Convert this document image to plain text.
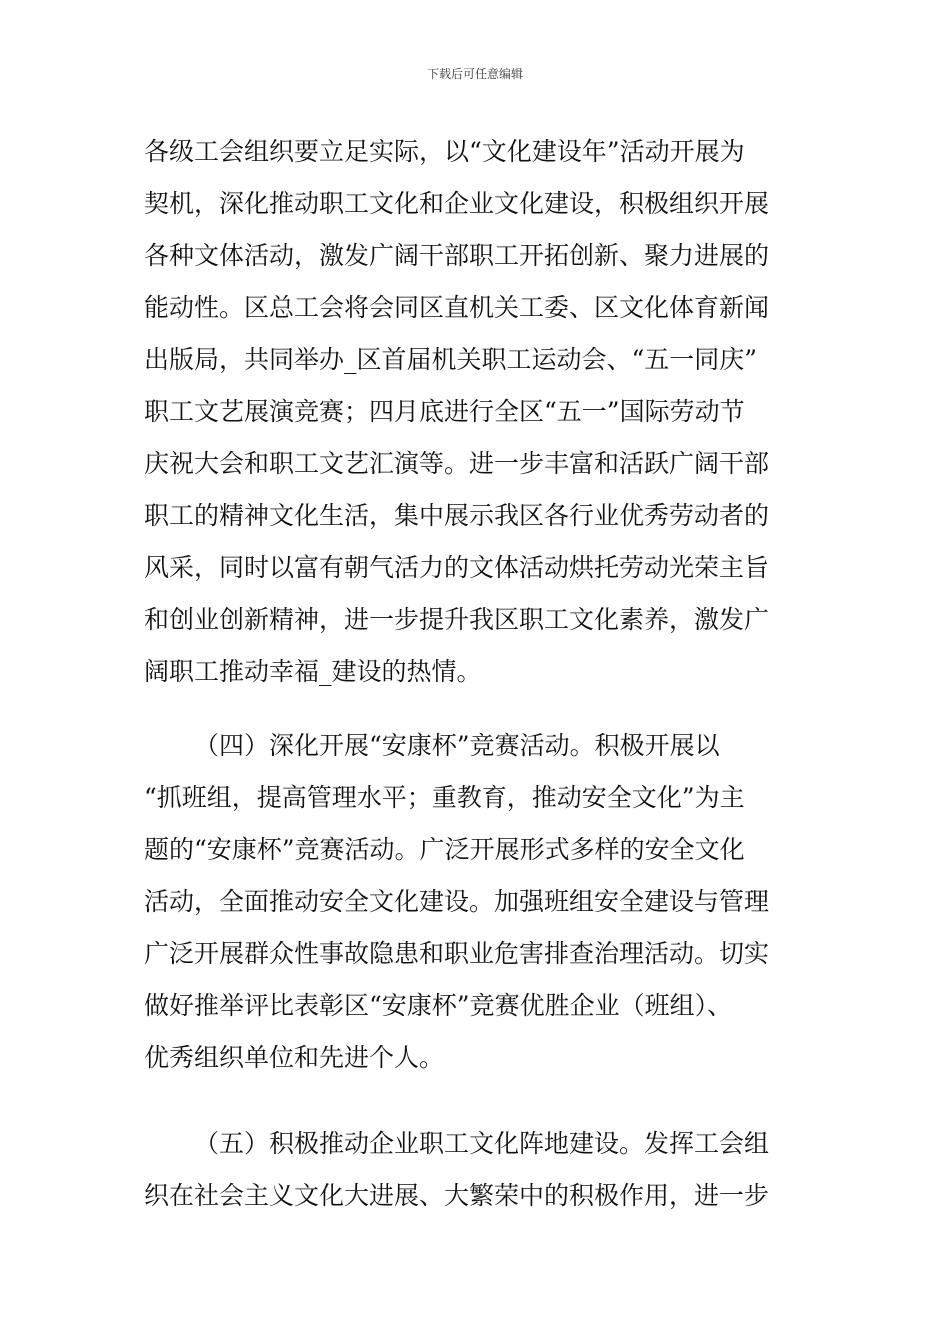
下载后可任意编辑
各级工会组织要立足实际，以“文化建设年”活动开展为
契机，深化推动职工文化和企业文化建设，积极组织开展
各种文体活动，激发广阔干部职工开拓创新、聚力进展的
能动性。区总工会将会同区直机关工委、区文化体育新闻
出版局，共同举办_区首届机关职工运动会、“五一同庆”
职工文艺展演竞赛；四月底进行全区“五一”国际劳动节
庆祝大会和职工文艺汇演等。进一步丰富和活跃广阔干部
职工的精神文化生活，集中展示我区各行业优秀劳动者的
风采，同时以富有朝气活力的文体活动烘托劳动光荣主旨
和创业创新精神，进一步提升我区职工文化素养，激发广
阔职工推动幸福_建设的热情。
（四）深化开展“安康杯”竞赛活动。积极开展以
“抓班组，提高管理水平；重教育，推动安全文化”为主
题的“安康杯”竞赛活动。广泛开展形式多样的安全文化
活动，全面推动安全文化建设。加强班组安全建设与管理
广泛开展群众性事故隐患和职业危害排查治理活动。切实
做好推举评比表彰区“安康杯”竞赛优胜企业（班组）、
优秀组织单位和先进个人。
（五）积极推动企业职工文化阵地建设。发挥工会组
织在社会主义文化大进展、大繁荣中的积极作用，进一步
